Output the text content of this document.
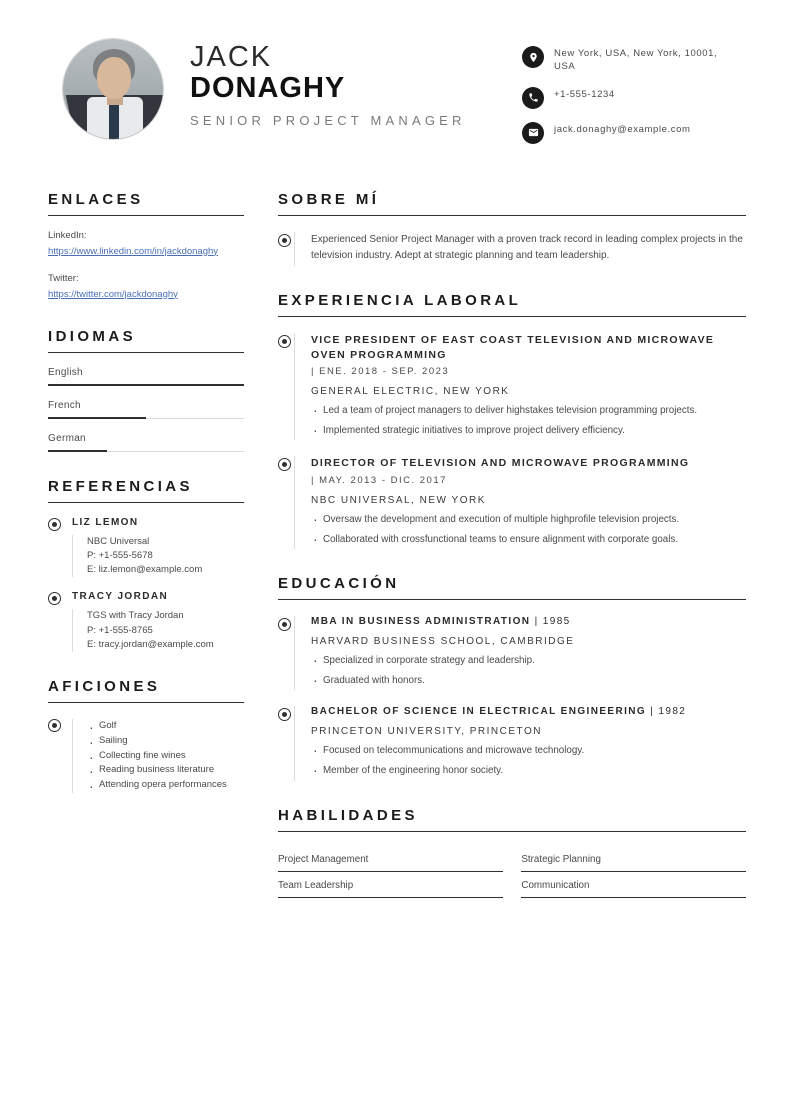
JACK
DONAGHY
SENIOR PROJECT MANAGER
New York, USA, New York, 10001, USA
+1-555-1234
jack.donaghy@example.com
ENLACES
LinkedIn:
https://www.linkedin.com/in/jackdonaghy
Twitter:
https://twitter.com/jackdonaghy
IDIOMAS
English
French
German
REFERENCIAS
LIZ LEMON
NBC Universal
P: +1-555-5678
E: liz.lemon@example.com
TRACY JORDAN
TGS with Tracy Jordan
P: +1-555-8765
E: tracy.jordan@example.com
AFICIONES
· Golf
· Sailing
· Collecting fine wines
· Reading business literature
· Attending opera performances
SOBRE MÍ
Experienced Senior Project Manager with a proven track record in leading complex projects in the television industry. Adept at strategic planning and team leadership.
EXPERIENCIA LABORAL
VICE PRESIDENT OF EAST COAST TELEVISION AND MICROWAVE OVEN PROGRAMMING
| ENE. 2018 - SEP. 2023
GENERAL ELECTRIC, NEW YORK
· Led a team of project managers to deliver highstakes television programming projects.
· Implemented strategic initiatives to improve project delivery efficiency.
DIRECTOR OF TELEVISION AND MICROWAVE PROGRAMMING
| MAY. 2013 - DIC. 2017
NBC UNIVERSAL, NEW YORK
· Oversaw the development and execution of multiple highprofile television projects.
· Collaborated with crossfunctional teams to ensure alignment with corporate goals.
EDUCACIÓN
MBA IN BUSINESS ADMINISTRATION | 1985
HARVARD BUSINESS SCHOOL, CAMBRIDGE
· Specialized in corporate strategy and leadership.
· Graduated with honors.
BACHELOR OF SCIENCE IN ELECTRICAL ENGINEERING | 1982
PRINCETON UNIVERSITY, PRINCETON
· Focused on telecommunications and microwave technology.
· Member of the engineering honor society.
HABILIDADES
Project Management	Strategic Planning
Team Leadership	Communication
